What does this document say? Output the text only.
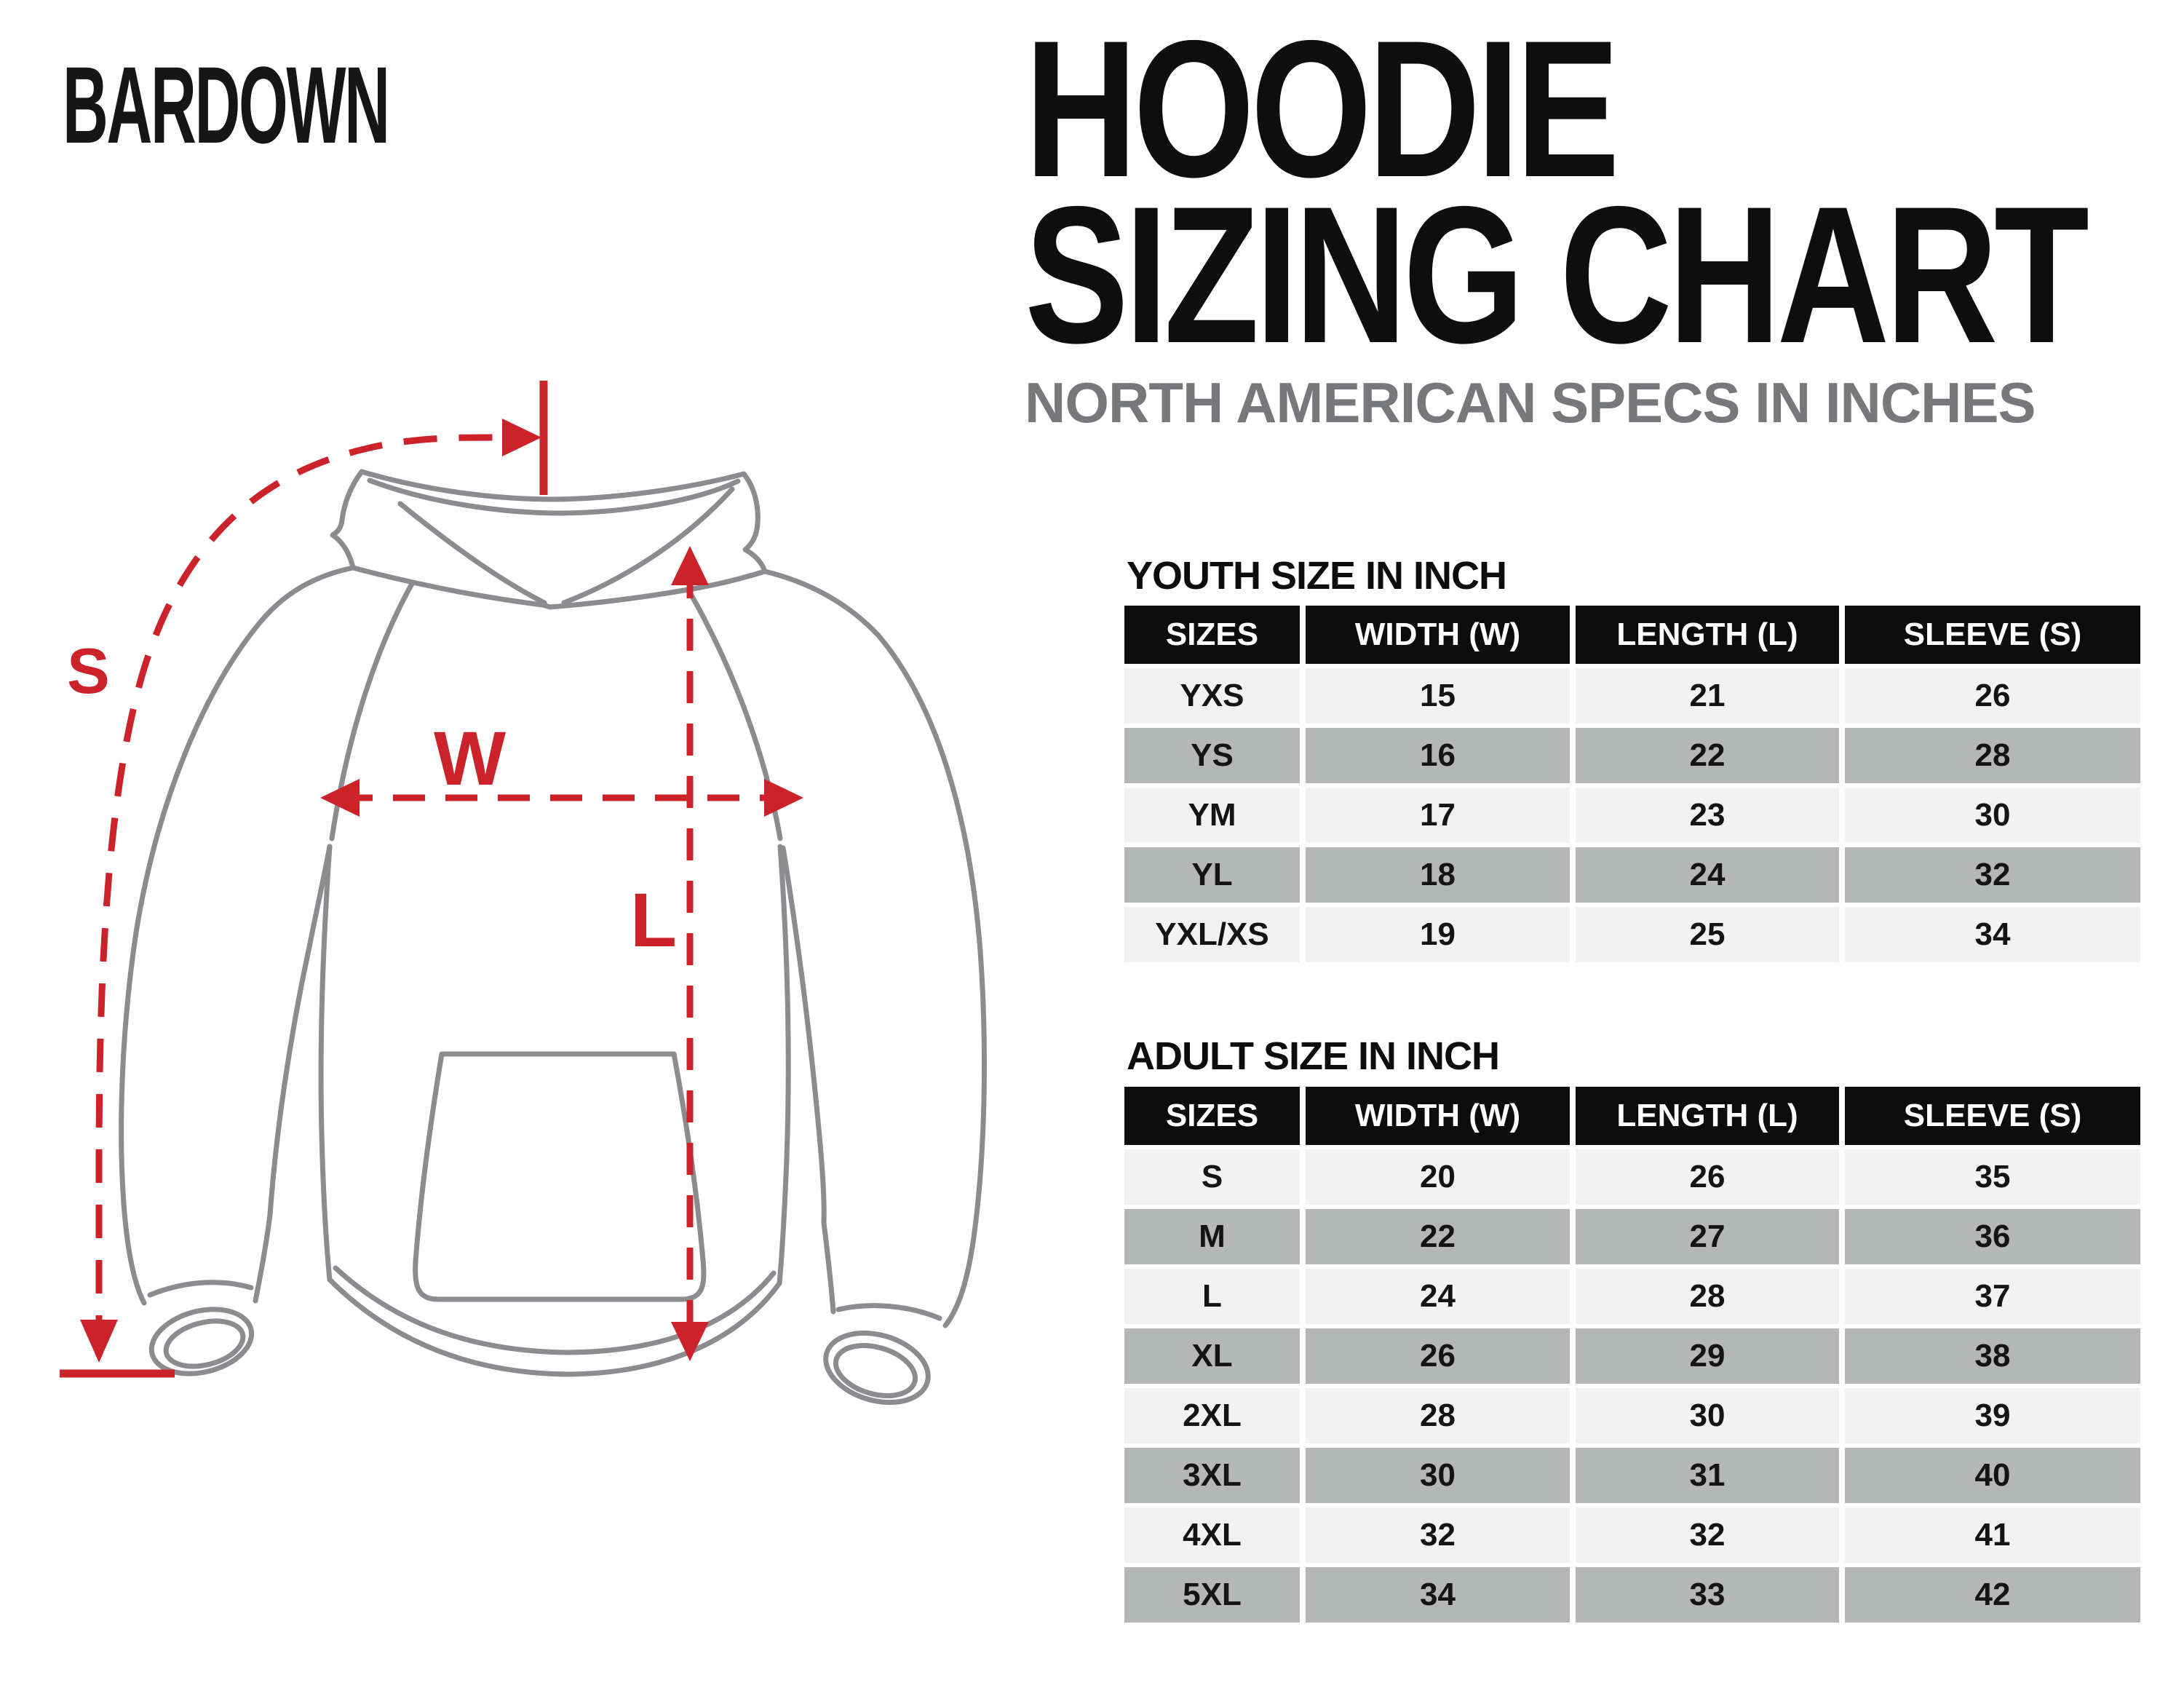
BARDOWN	HOODIE
SIZING CHART
NORTH AMERICAN SPECS IN INCHES
S
W
L
YOUTH SIZE IN INCH
SIZES	WIDTH (W)	LENGTH (L)	SLEEVE (S)
YXS	15	21	26
YS	16	22	28
YM	17	23	30
YL	18	24	32
YXL/XS	19	25	34
ADULT SIZE IN INCH
SIZES	WIDTH (W)	LENGTH (L)	SLEEVE (S)
S	20	26	35
M	22	27	36
L	24	28	37
XL	26	29	38
2XL	28	30	39
3XL	30	31	40
4XL	32	32	41
5XL	34	33	42
